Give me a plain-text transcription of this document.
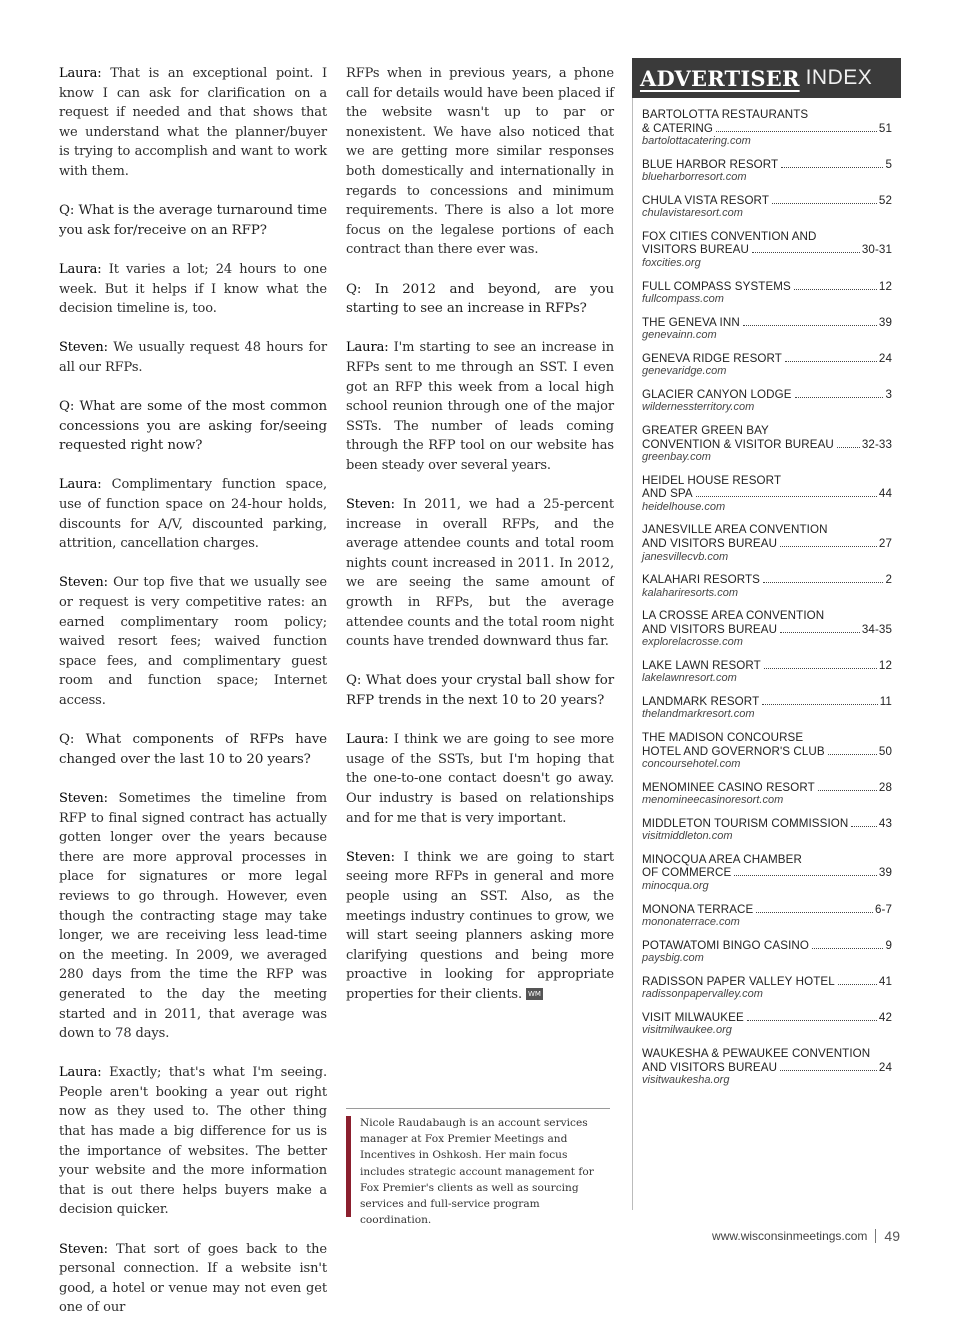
Laura: That is an exceptional point. I know I can ask for clarification on a request if needed and that shows that we understand what the planner/buyer is trying to accomplish and want to work with them.

Q: What is the average turnaround time you ask for/receive on an RFP?

Laura: It varies a lot; 24 hours to one week. But it helps if I know what the decision timeline is, too.

Steven: We usually request 48 hours for all our RFPs.

Q: What are some of the most common concessions you are asking for/seeing requested right now?

Laura: Complimentary function space, use of function space on 24-hour holds, discounts for A/V, discounted parking, attrition, cancellation charges.

Steven: Our top five that we usually see or request is very competitive rates: an earned complimentary room policy; waived resort fees; waived function space fees, and complimentary guest room and function space; Internet access.

Q: What components of RFPs have changed over the last 10 to 20 years?

Steven: Sometimes the timeline from RFP to final signed contract has actually gotten longer over the years because there are more approval processes in place for signatures or more legal reviews to go through. However, even though the contracting stage may take longer, we are receiving less lead-time on the meeting. In 2009, we averaged 280 days from the time the RFP was generated to the day the meeting started and in 2011, that average was down to 78 days.

Laura: Exactly; that's what I'm seeing. People aren't booking a year out right now as they used to. The other thing that has made a big difference for us is the importance of websites. The better your website and the more information that is out there helps buyers make a decision quicker.

Steven: That sort of goes back to the personal connection. If a website isn't good, a hotel or venue may not even get one of our

RFPs when in previous years, a phone call for details would have been placed if the website wasn't up to par or nonexistent. We have also noticed that we are getting more similar responses both domestically and internationally in regards to concessions and minimum requirements. There is also a lot more focus on the legalese portions of each contract than there ever was.

Q: In 2012 and beyond, are you starting to see an increase in RFPs?

Laura: I'm starting to see an increase in RFPs sent to me through an SST. I even got an RFP this week from a local high school reunion through one of the major SSTs. The number of leads coming through the RFP tool on our website has been steady over several years.

Steven: In 2011, we had a 25-percent increase in overall RFPs, and the average attendee counts and total room nights count increased in 2011. In 2012, we are seeing the same amount of growth in RFPs, but the average attendee counts and the total room night counts have trended downward thus far.

Q: What does your crystal ball show for RFP trends in the next 10 to 20 years?

Laura: I think we are going to see more usage of the SSTs, but I'm hoping that the one-to-one contact doesn't go away. Our industry is based on relationships and for me that is very important.

Steven: I think we are going to start seeing more RFPs in general and more people using an SST. Also, as the meetings industry continues to grow, we will start seeing planners asking more clarifying questions and being more proactive in looking for appropriate properties for their clients. WM

Nicole Raudabaugh is an account services manager at Fox Premier Meetings and Incentives in Oshkosh. Her main focus includes strategic account management for Fox Premier's clients as well as sourcing services and full-service program coordination.
ADVERTISER INDEX
BARTOLOTTA RESTAURANTS
& CATERING	51
bartolottacatering.com
BLUE HARBOR RESORT	5
blueharborresort.com
CHULA VISTA RESORT	52
chulavistaresort.com
FOX CITIES CONVENTION AND
VISITORS BUREAU	30-31
foxcities.org
FULL COMPASS SYSTEMS	12
fullcompass.com
THE GENEVA INN	39
genevainn.com
GENEVA RIDGE RESORT	24
genevaridge.com
GLACIER CANYON LODGE	3
wildernessterritory.com
GREATER GREEN BAY
CONVENTION & VISITOR BUREAU 32-33
greenbay.com
HEIDEL HOUSE RESORT
AND SPA	44
heidelhouse.com
JANESVILLE AREA CONVENTION
AND VISITORS BUREAU	27
janesvillecvb.com
KALAHARI RESORTS	2
kalahariresorts.com
LA CROSSE AREA CONVENTION
AND VISITORS BUREAU	34-35
explorelacrosse.com
LAKE LAWN RESORT	12
lakelawnresort.com
LANDMARK RESORT	11
thelandmarkresort.com
THE MADISON CONCOURSE
HOTEL AND GOVERNOR'S CLUB	50
concoursehotel.com
MENOMINEE CASINO RESORT	28
menomineecasinoresort.com
MIDDLETON TOURISM COMMISSION	43
visitmiddleton.com
MINOCQUA AREA CHAMBER
OF COMMERCE	39
minocqua.org
MONONA TERRACE	6-7
mononaterrace.com
POTAWATOMI BINGO CASINO	9
paysbig.com
RADISSON PAPER VALLEY HOTEL	41
radissonpapervalley.com
VISIT MILWAUKEE	42
visitmilwaukee.org
WAUKESHA & PEWAUKEE CONVENTION
AND VISITORS BUREAU	24
visitwaukesha.org
www.wisconsinmeetings.com 49
